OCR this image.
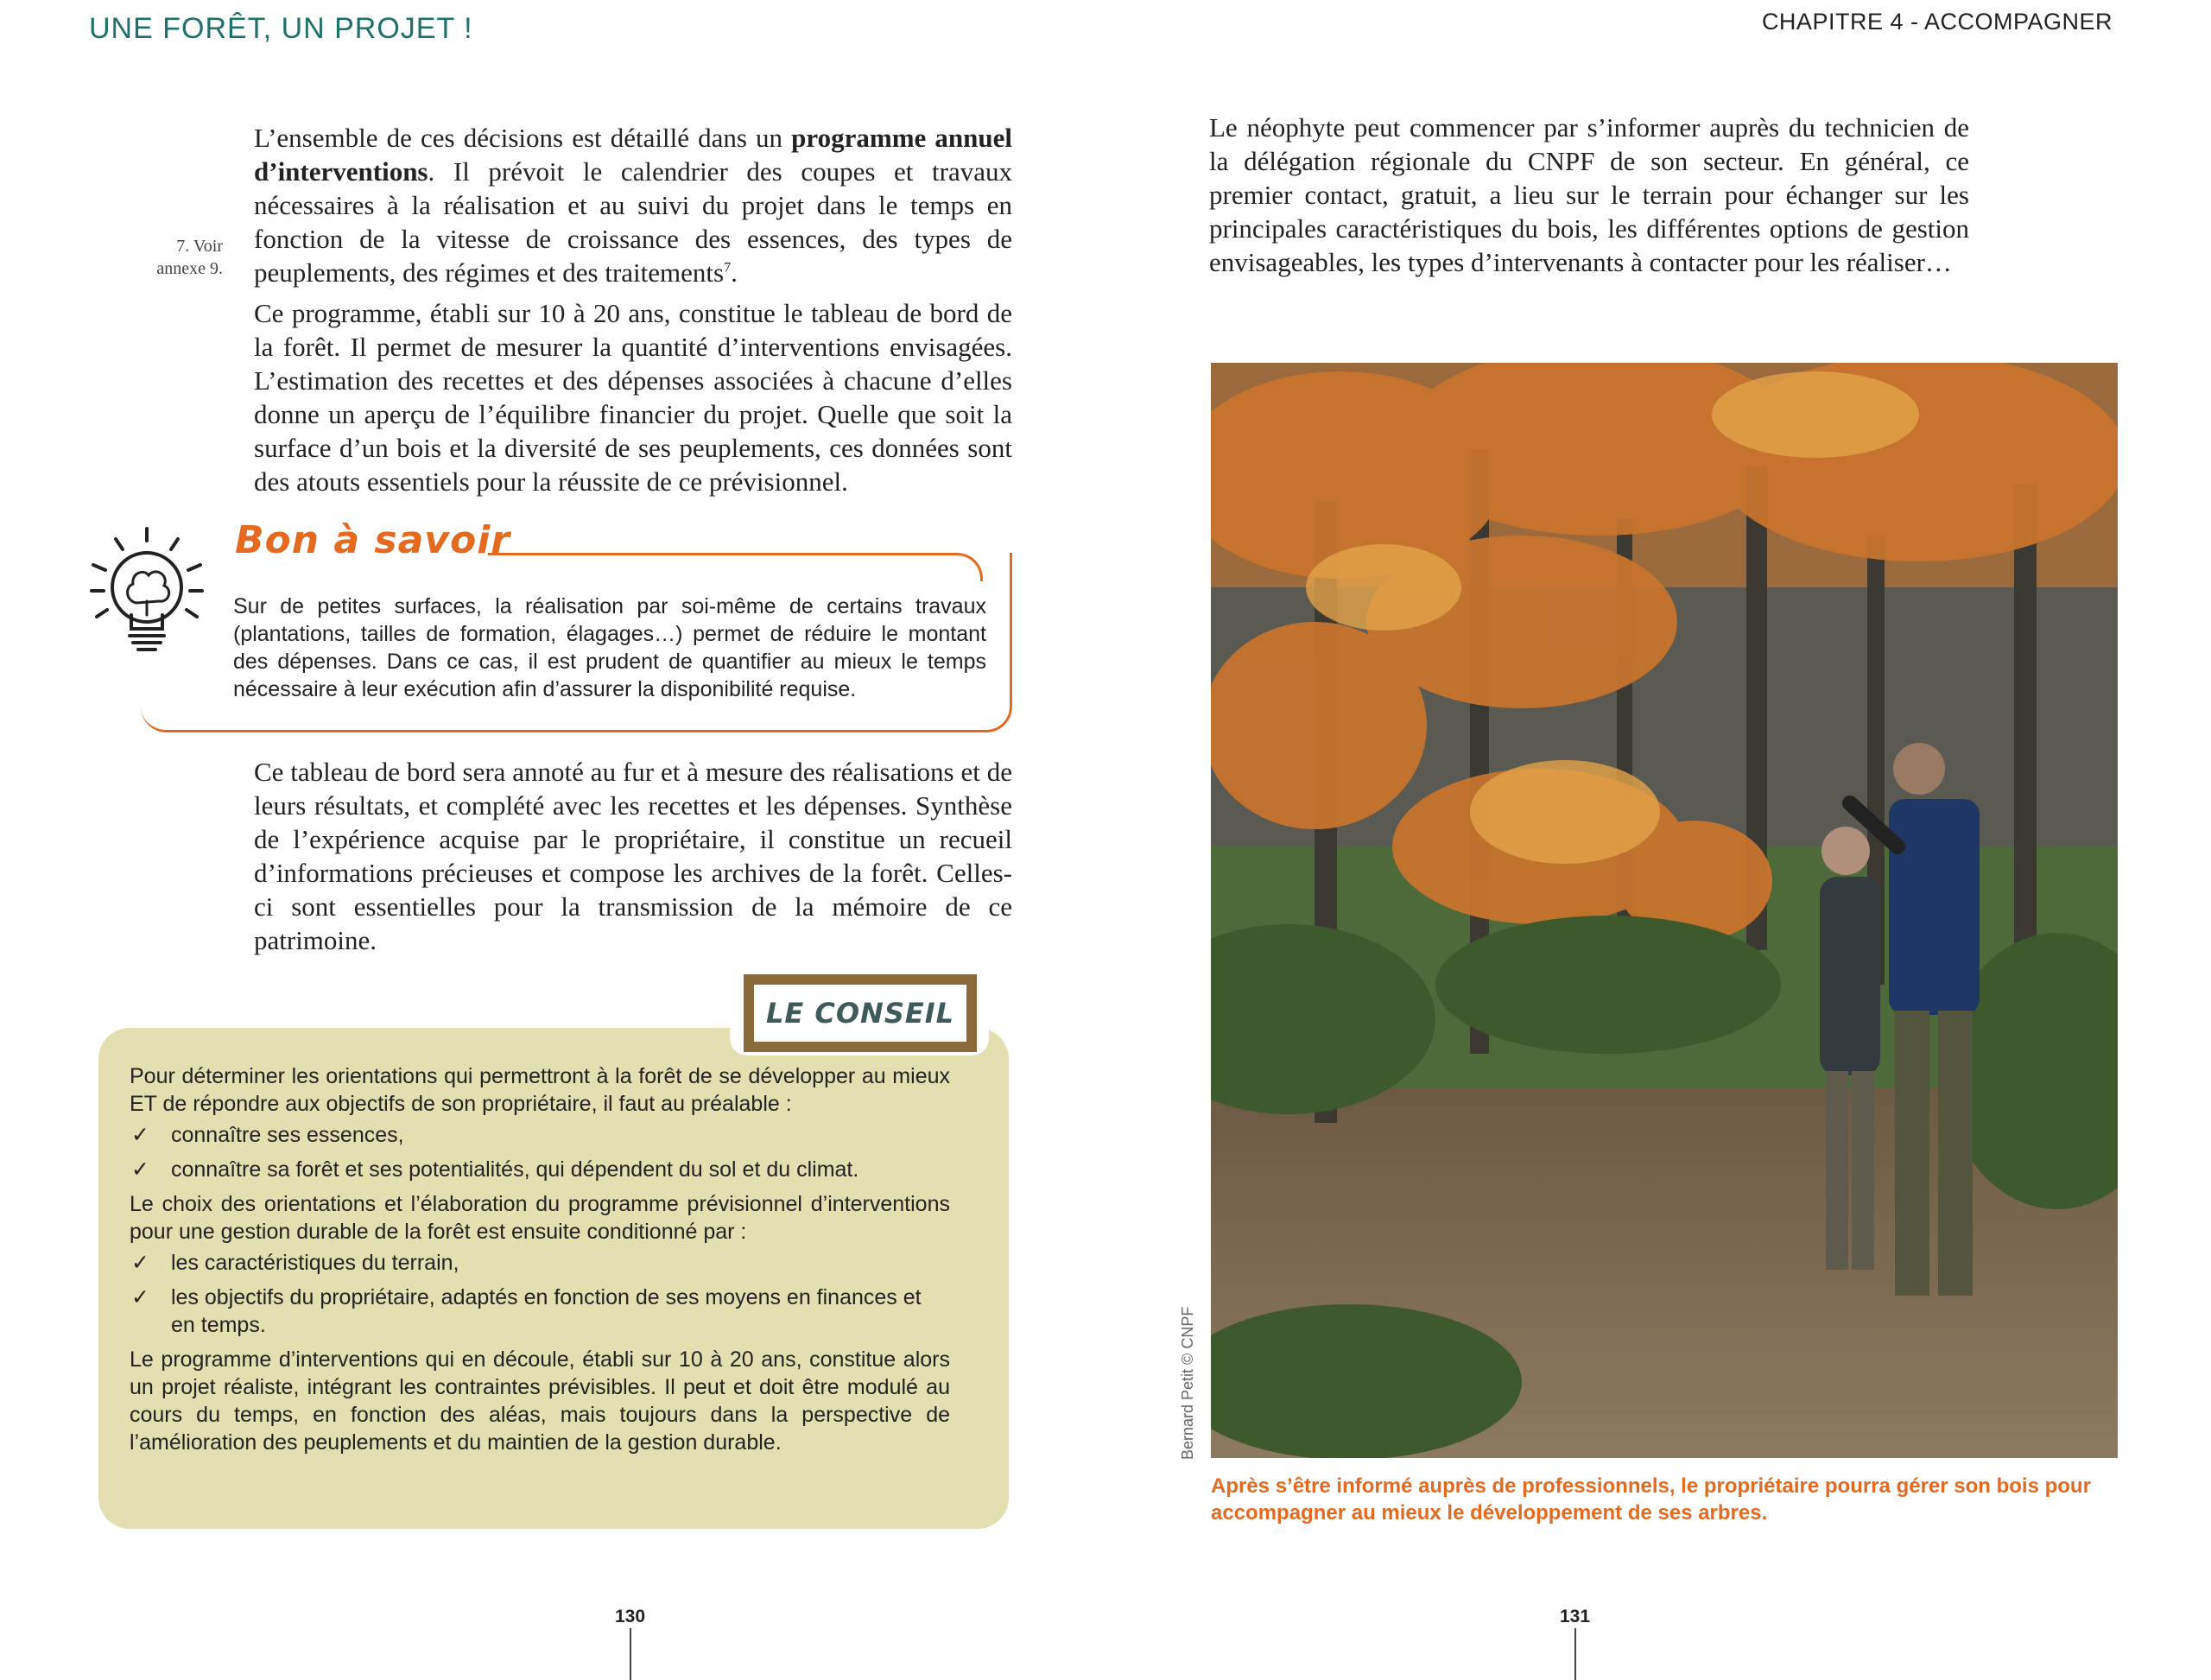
UNE FORÊT, UN PROJET !	CHAPITRE 4 - ACCOMPAGNER
7. Voir annexe 9.

L’ensemble de ces décisions est détaillé dans un programme annuel d’interventions. Il prévoit le calendrier des coupes et travaux nécessaires à la réalisation et au suivi du projet dans le temps en fonction de la vitesse de croissance des essences, des types de peuplements, des régimes et des traitements$^7$.

Ce programme, établi sur 10 à 20 ans, constitue le tableau de bord de la forêt. Il permet de mesurer la quantité d’interventions envisagées. L’estimation des recettes et des dépenses associées à chacune d’elles donne un aperçu de l’équilibre financier du projet. Quelle que soit la surface d’un bois et la diversité de ses peuplements, ces données sont des atouts essentiels pour la réussite de ce prévisionnel.

Bon à savoir
Sur de petites surfaces, la réalisation par soi-même de certains travaux (plantations, tailles de formation, élagages…) permet de réduire le montant des dépenses. Dans ce cas, il est prudent de quantifier au mieux le temps nécessaire à leur exécution afin d’assurer la disponibilité requise.

Ce tableau de bord sera annoté au fur et à mesure des réalisations et de leurs résultats, et complété avec les recettes et les dépenses. Synthèse de l’expérience acquise par le propriétaire, il constitue un recueil d’informations précieuses et compose les archives de la forêt. Celles-ci sont essentielles pour la transmission de la mémoire de ce patrimoine.

LE CONSEIL

Pour déterminer les orientations qui permettront à la forêt de se développer au mieux ET de répondre aux objectifs de son propriétaire, il faut au préalable :

✓ connaître ses essences,
✓ connaître sa forêt et ses potentialités, qui dépendent du sol et du climat.

Le choix des orientations et l’élaboration du programme prévisionnel d’interventions pour une gestion durable de la forêt est ensuite conditionné par :

✓ les caractéristiques du terrain,
✓ les objectifs du propriétaire, adaptés en fonction de ses moyens en finances et en temps.

Le programme d’interventions qui en découle, établi sur 10 à 20 ans, constitue alors un projet réaliste, intégrant les contraintes prévisibles. Il peut et doit être modulé au cours du temps, en fonction des aléas, mais toujours dans la perspective de l’amélioration des peuplements et du maintien de la gestion durable.

130

Le néophyte peut commencer par s’informer auprès du technicien de la délégation régionale du CNPF de son secteur. En général, ce premier contact, gratuit, a lieu sur le terrain pour échanger sur les principales caractéristiques du bois, les différentes options de gestion envisageables, les types d’intervenants à contacter pour les réaliser…

Bernard Petit © CNPF
Après s’être informé auprès de professionnels, le propriétaire pourra gérer son bois pour accompagner au mieux le développement de ses arbres.
131
